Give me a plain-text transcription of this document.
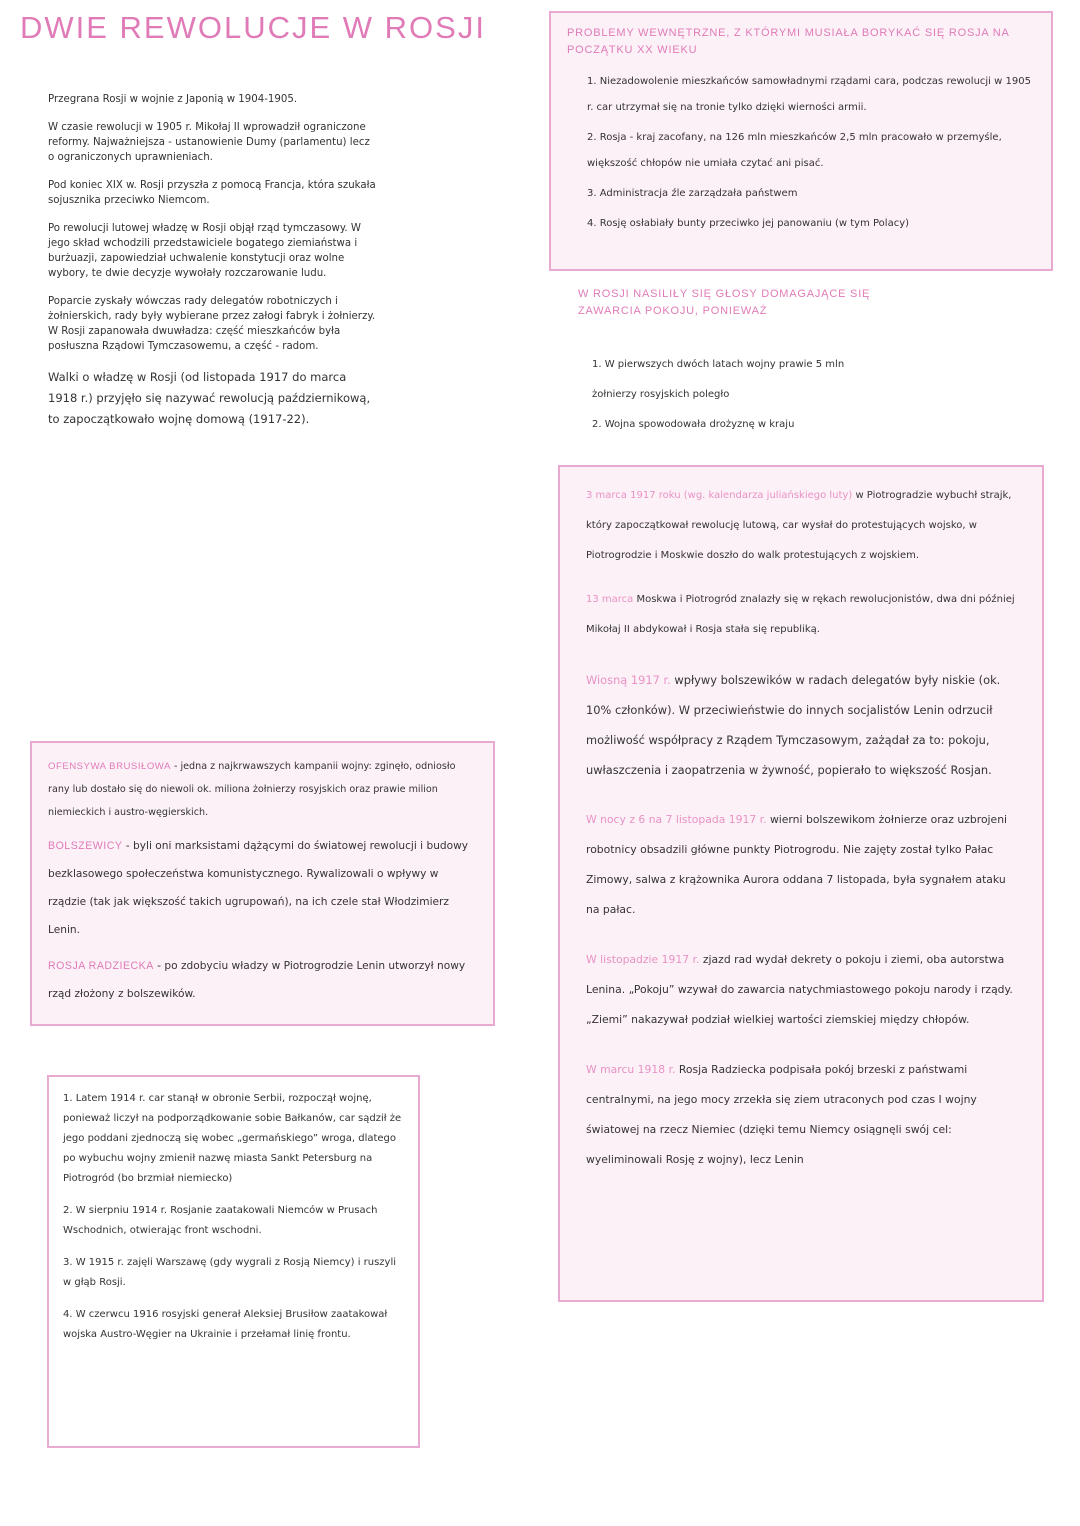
DWIE REWOLUCJE W ROSJI

Przegrana Rosji w wojnie z Japonią w 1904-1905.

W czasie rewolucji w 1905 r. Mikołaj II wprowadził ograniczone reformy. Najważniejsza - ustanowienie Dumy (parlamentu) lecz o ograniczonych uprawnieniach.

Pod koniec XIX w. Rosji przyszła z pomocą Francja, która szukała sojusznika przeciwko Niemcom.

Po rewolucji lutowej władzę w Rosji objął rząd tymczasowy. W jego skład wchodzili przedstawiciele bogatego ziemiaństwa i burżuazji, zapowiedział uchwalenie konstytucji oraz wolne wybory, te dwie decyzje wywołały rozczarowanie ludu.

Poparcie zyskały wówczas rady delegatów robotniczych i żołnierskich, rady były wybierane przez załogi fabryk i żołnierzy. W Rosji zapanowała dwuwładza: część mieszkańców była posłuszna Rządowi Tymczasowemu, a część - radom.

Walki o władzę w Rosji (od listopada 1917 do marca 1918 r.) przyjęło się nazywać rewolucją październikową, to zapoczątkowało wojnę domową (1917-22).

OFENSYWA BRUSIŁOWA - jedna z najkrwawszych kampanii wojny: zginęło, odniosło rany lub dostało się do niewoli ok. miliona żołnierzy rosyjskich oraz prawie milion niemieckich i austro-węgierskich.

BOLSZEWICY - byli oni marksistami dążącymi do światowej rewolucji i budowy bezklasowego społeczeństwa komunistycznego. Rywalizowali o wpływy w rządzie (tak jak większość takich ugrupowań), na ich czele stał Włodzimierz Lenin.

ROSJA RADZIECKA - po zdobyciu władzy w Piotrogrodzie Lenin utworzył nowy rząd złożony z bolszewików.

1. Latem 1914 r. car stanął w obronie Serbii, rozpoczął wojnę, ponieważ liczył na podporządkowanie sobie Bałkanów, car sądził że jego poddani zjednoczą się wobec „germańskiego” wroga, dlatego po wybuchu wojny zmienił nazwę miasta Sankt Petersburg na Piotrogród (bo brzmiał niemiecko)
2. W sierpniu 1914 r. Rosjanie zaatakowali Niemców w Prusach Wschodnich, otwierając front wschodni.
3. W 1915 r. zajęli Warszawę (gdy wygrali z Rosją Niemcy) i ruszyli w głąb Rosji.
4. W czerwcu 1916 rosyjski generał Aleksiej Brusiłow zaatakował wojska Austro-Węgier na Ukrainie i przełamał linię frontu.
PROBLEMY WEWNĘTRZNE, Z KTÓRYMI MUSIAŁA BORYKAĆ SIĘ ROSJA NA POCZĄTKU XX WIEKU
1. Niezadowolenie mieszkańców samowładnymi rządami cara, podczas rewolucji w 1905 r. car utrzymał się na tronie tylko dzięki wierności armii.
2. Rosja - kraj zacofany, na 126 mln mieszkańców 2,5 mln pracowało w przemyśle, większość chłopów nie umiała czytać ani pisać.
3. Administracja źle zarządzała państwem
4. Rosję osłabiały bunty przeciwko jej panowaniu (w tym Polacy)
W ROSJI NASILIŁY SIĘ GŁOSY DOMAGAJĄCE SIĘ ZAWARCIA POKOJU, PONIEWAŻ
1. W pierwszych dwóch latach wojny prawie 5 mln żołnierzy rosyjskich poległo
2. Wojna spowodowała drożyznę w kraju

3 marca 1917 roku (wg. kalendarza juliańskiego luty) w Piotrogradzie wybuchł strajk, który zapoczątkował rewolucję lutową, car wysłał do protestujących wojsko, w Piotrogrodzie i Moskwie doszło do walk protestujących z wojskiem.

13 marca Moskwa i Piotrogród znalazły się w rękach rewolucjonistów, dwa dni później Mikołaj II abdykował i Rosja stała się republiką.

Wiosną 1917 r. wpływy bolszewików w radach delegatów były niskie (ok. 10% członków). W przeciwieństwie do innych socjalistów Lenin odrzucił możliwość współpracy z Rządem Tymczasowym, zażądał za to: pokoju, uwłaszczenia i zaopatrzenia w żywność, popierało to większość Rosjan.

W nocy z 6 na 7 listopada 1917 r. wierni bolszewikom żołnierze oraz uzbrojeni robotnicy obsadzili główne punkty Piotrogrodu. Nie zajęty został tylko Pałac Zimowy, salwa z krążownika Aurora oddana 7 listopada, była sygnałem ataku na pałac.

W listopadzie 1917 r. zjazd rad wydał dekrety o pokoju i ziemi, oba autorstwa Lenina. „Pokoju” wzywał do zawarcia natychmiastowego pokoju narody i rządy. „Ziemi” nakazywał podział wielkiej wartości ziemskiej między chłopów.

W marcu 1918 r. Rosja Radziecka podpisała pokój brzeski z państwami centralnymi, na jego mocy zrzekła się ziem utraconych pod czas I wojny światowej na rzecz Niemiec (dzięki temu Niemcy osiągnęli swój cel: wyeliminowali Rosję z wojny), lecz Lenin
